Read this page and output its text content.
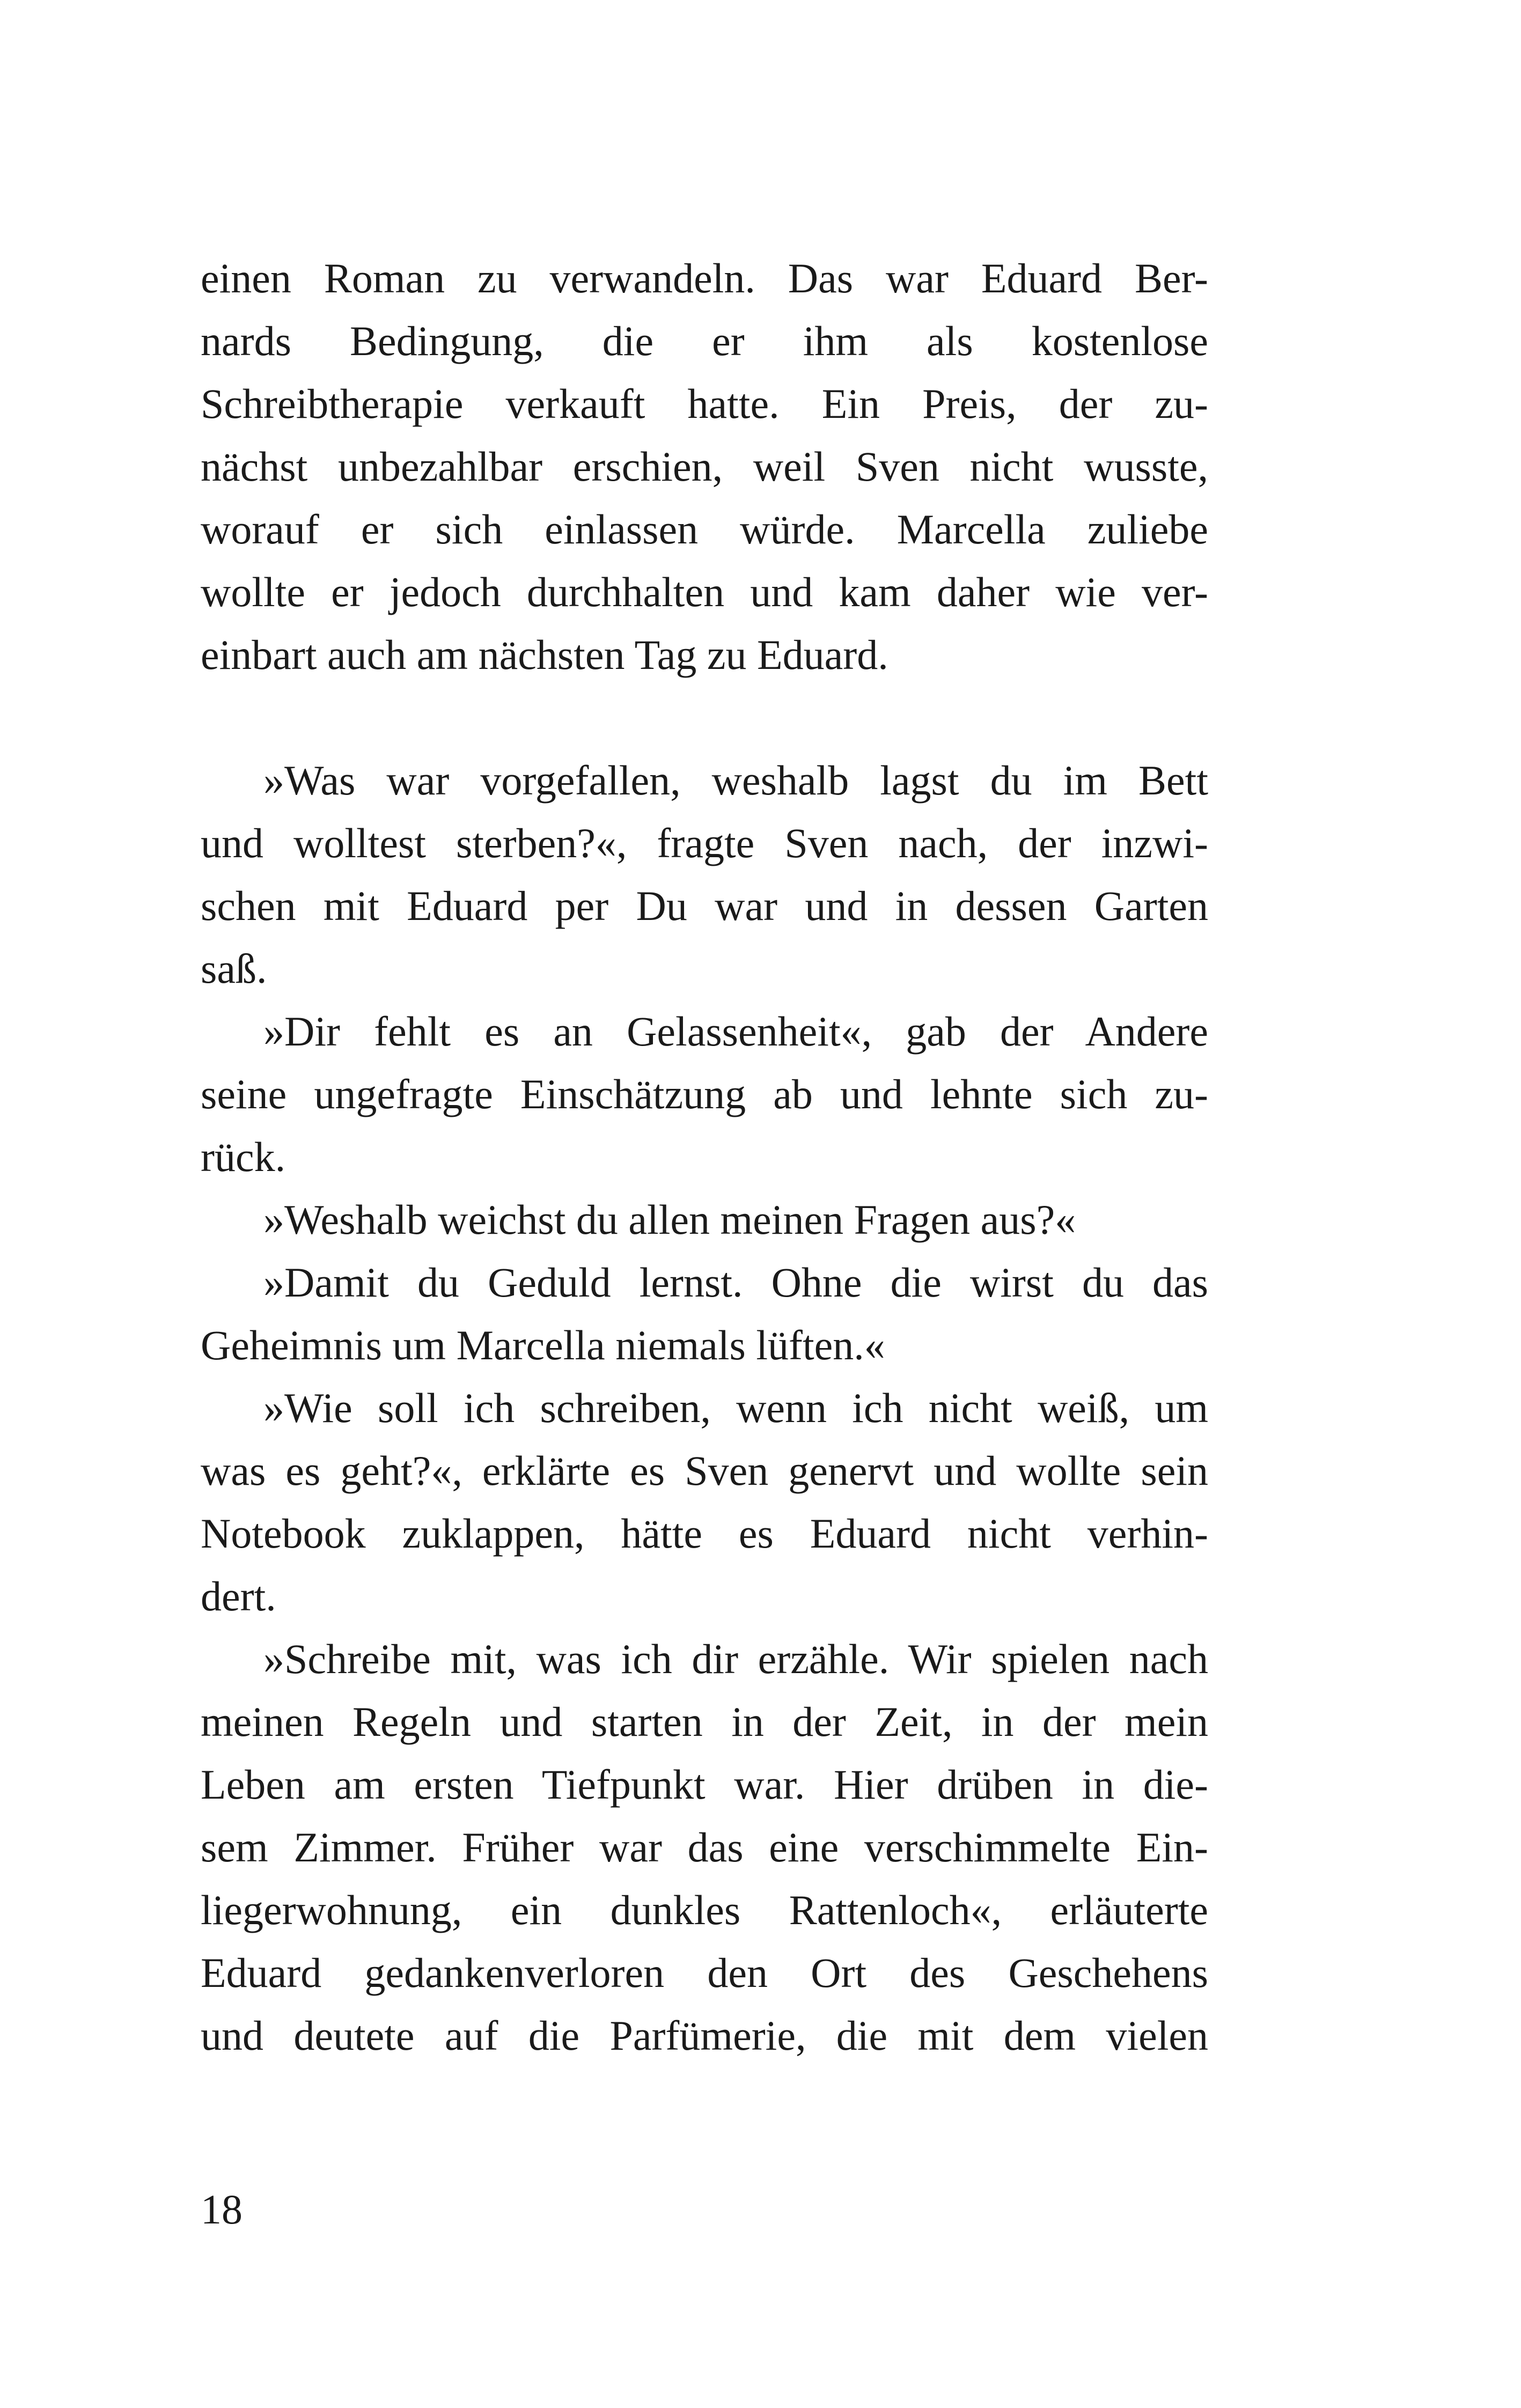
einen Roman zu verwandeln. Das war Eduard Ber-
nards Bedingung, die er ihm als kostenlose
Schreibtherapie verkauft hatte. Ein Preis, der zu-
nächst unbezahlbar erschien, weil Sven nicht wusste,
worauf er sich einlassen würde. Marcella zuliebe
wollte er jedoch durchhalten und kam daher wie ver-
einbart auch am nächsten Tag zu Eduard.
»Was war vorgefallen, weshalb lagst du im Bett
und wolltest sterben?«, fragte Sven nach, der inzwi-
schen mit Eduard per Du war und in dessen Garten
saß.
»Dir fehlt es an Gelassenheit«, gab der Andere
seine ungefragte Einschätzung ab und lehnte sich zu-
rück.
»Weshalb weichst du allen meinen Fragen aus?«
»Damit du Geduld lernst. Ohne die wirst du das
Geheimnis um Marcella niemals lüften.«
»Wie soll ich schreiben, wenn ich nicht weiß, um
was es geht?«, erklärte es Sven genervt und wollte sein
Notebook zuklappen, hätte es Eduard nicht verhin-
dert.
»Schreibe mit, was ich dir erzähle. Wir spielen nach
meinen Regeln und starten in der Zeit, in der mein
Leben am ersten Tiefpunkt war. Hier drüben in die-
sem Zimmer. Früher war das eine verschimmelte Ein-
liegerwohnung, ein dunkles Rattenloch«, erläuterte
Eduard gedankenverloren den Ort des Geschehens
und deutete auf die Parfümerie, die mit dem vielen
18
